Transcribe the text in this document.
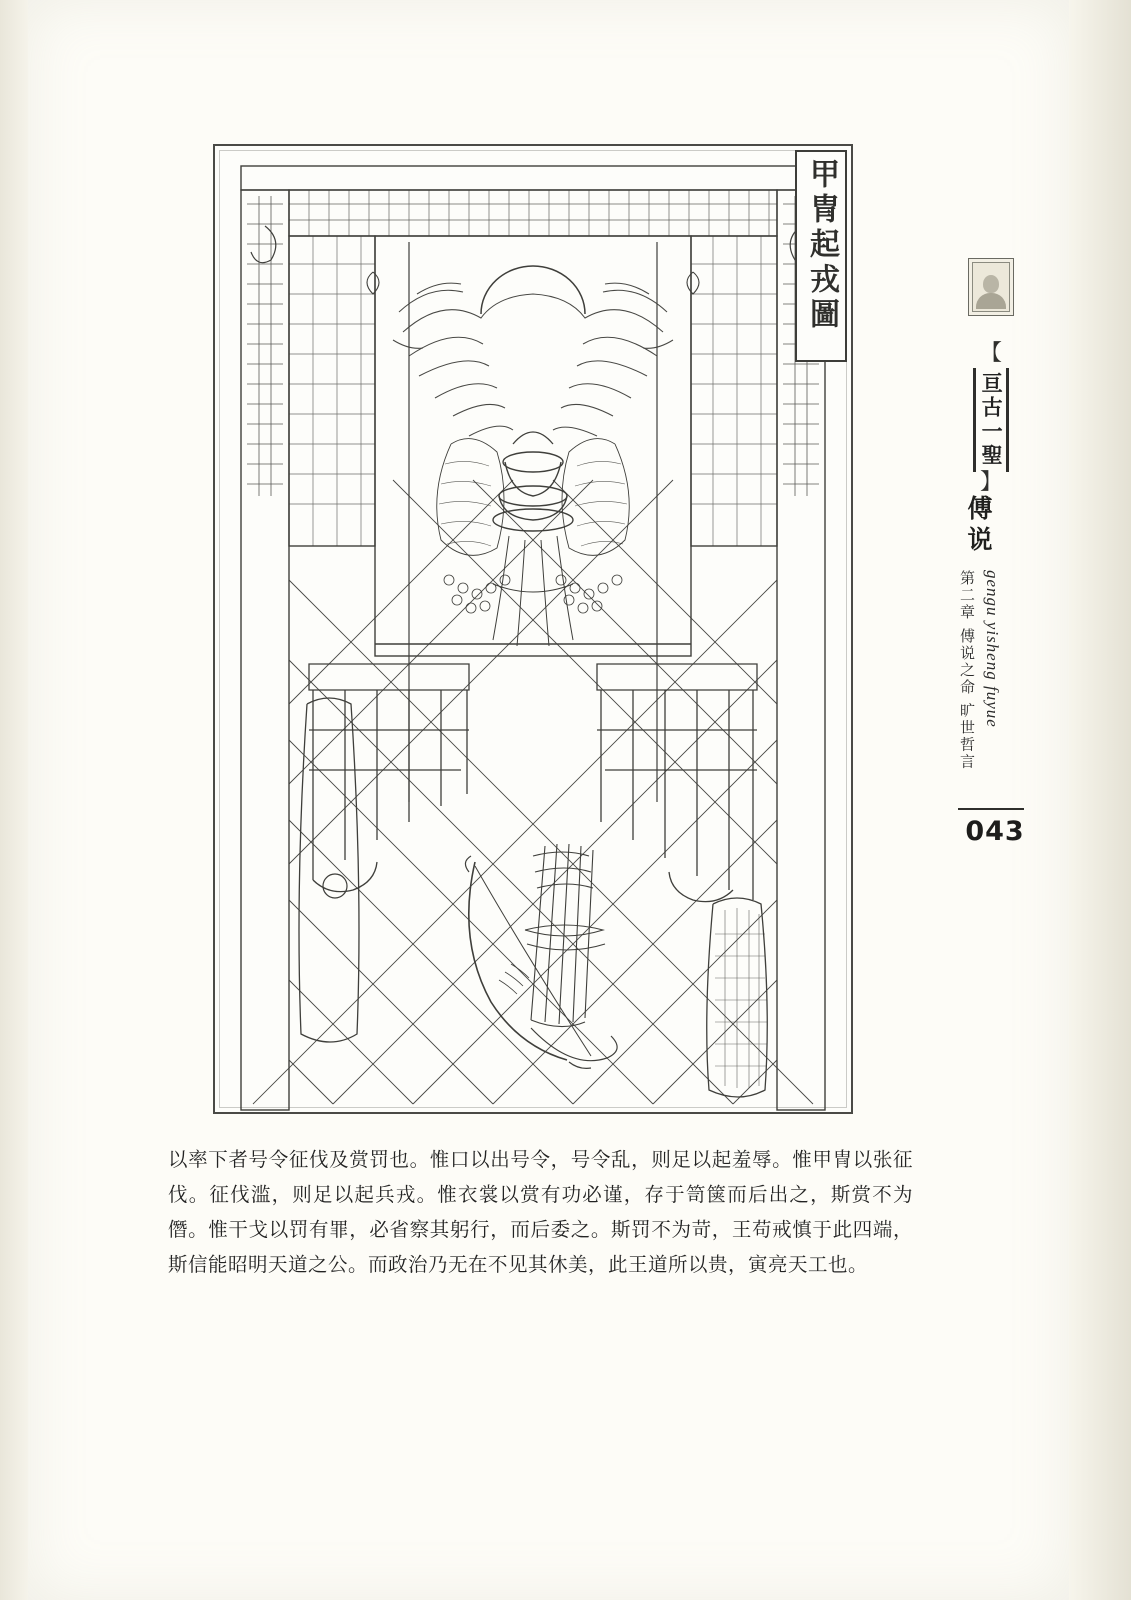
甲冑起戎圖
【
亘古一聖
】
傅说
gengu yisheng fuyue
第二章 傅说之命 旷世哲言
043

以率下者号令征伐及赏罚也。惟口以出号令，号令乱，则足以起羞辱。惟甲冑以张征伐。征伐滥，则足以起兵戎。惟衣裳以赏有功必谨，存于笥箧而后出之，斯赏不为僭。惟干戈以罚有罪，必省察其躬行，而后委之。斯罚不为苛，王苟戒慎于此四端，斯信能昭明天道之公。而政治乃无在不见其休美，此王道所以贵，寅亮天工也。
